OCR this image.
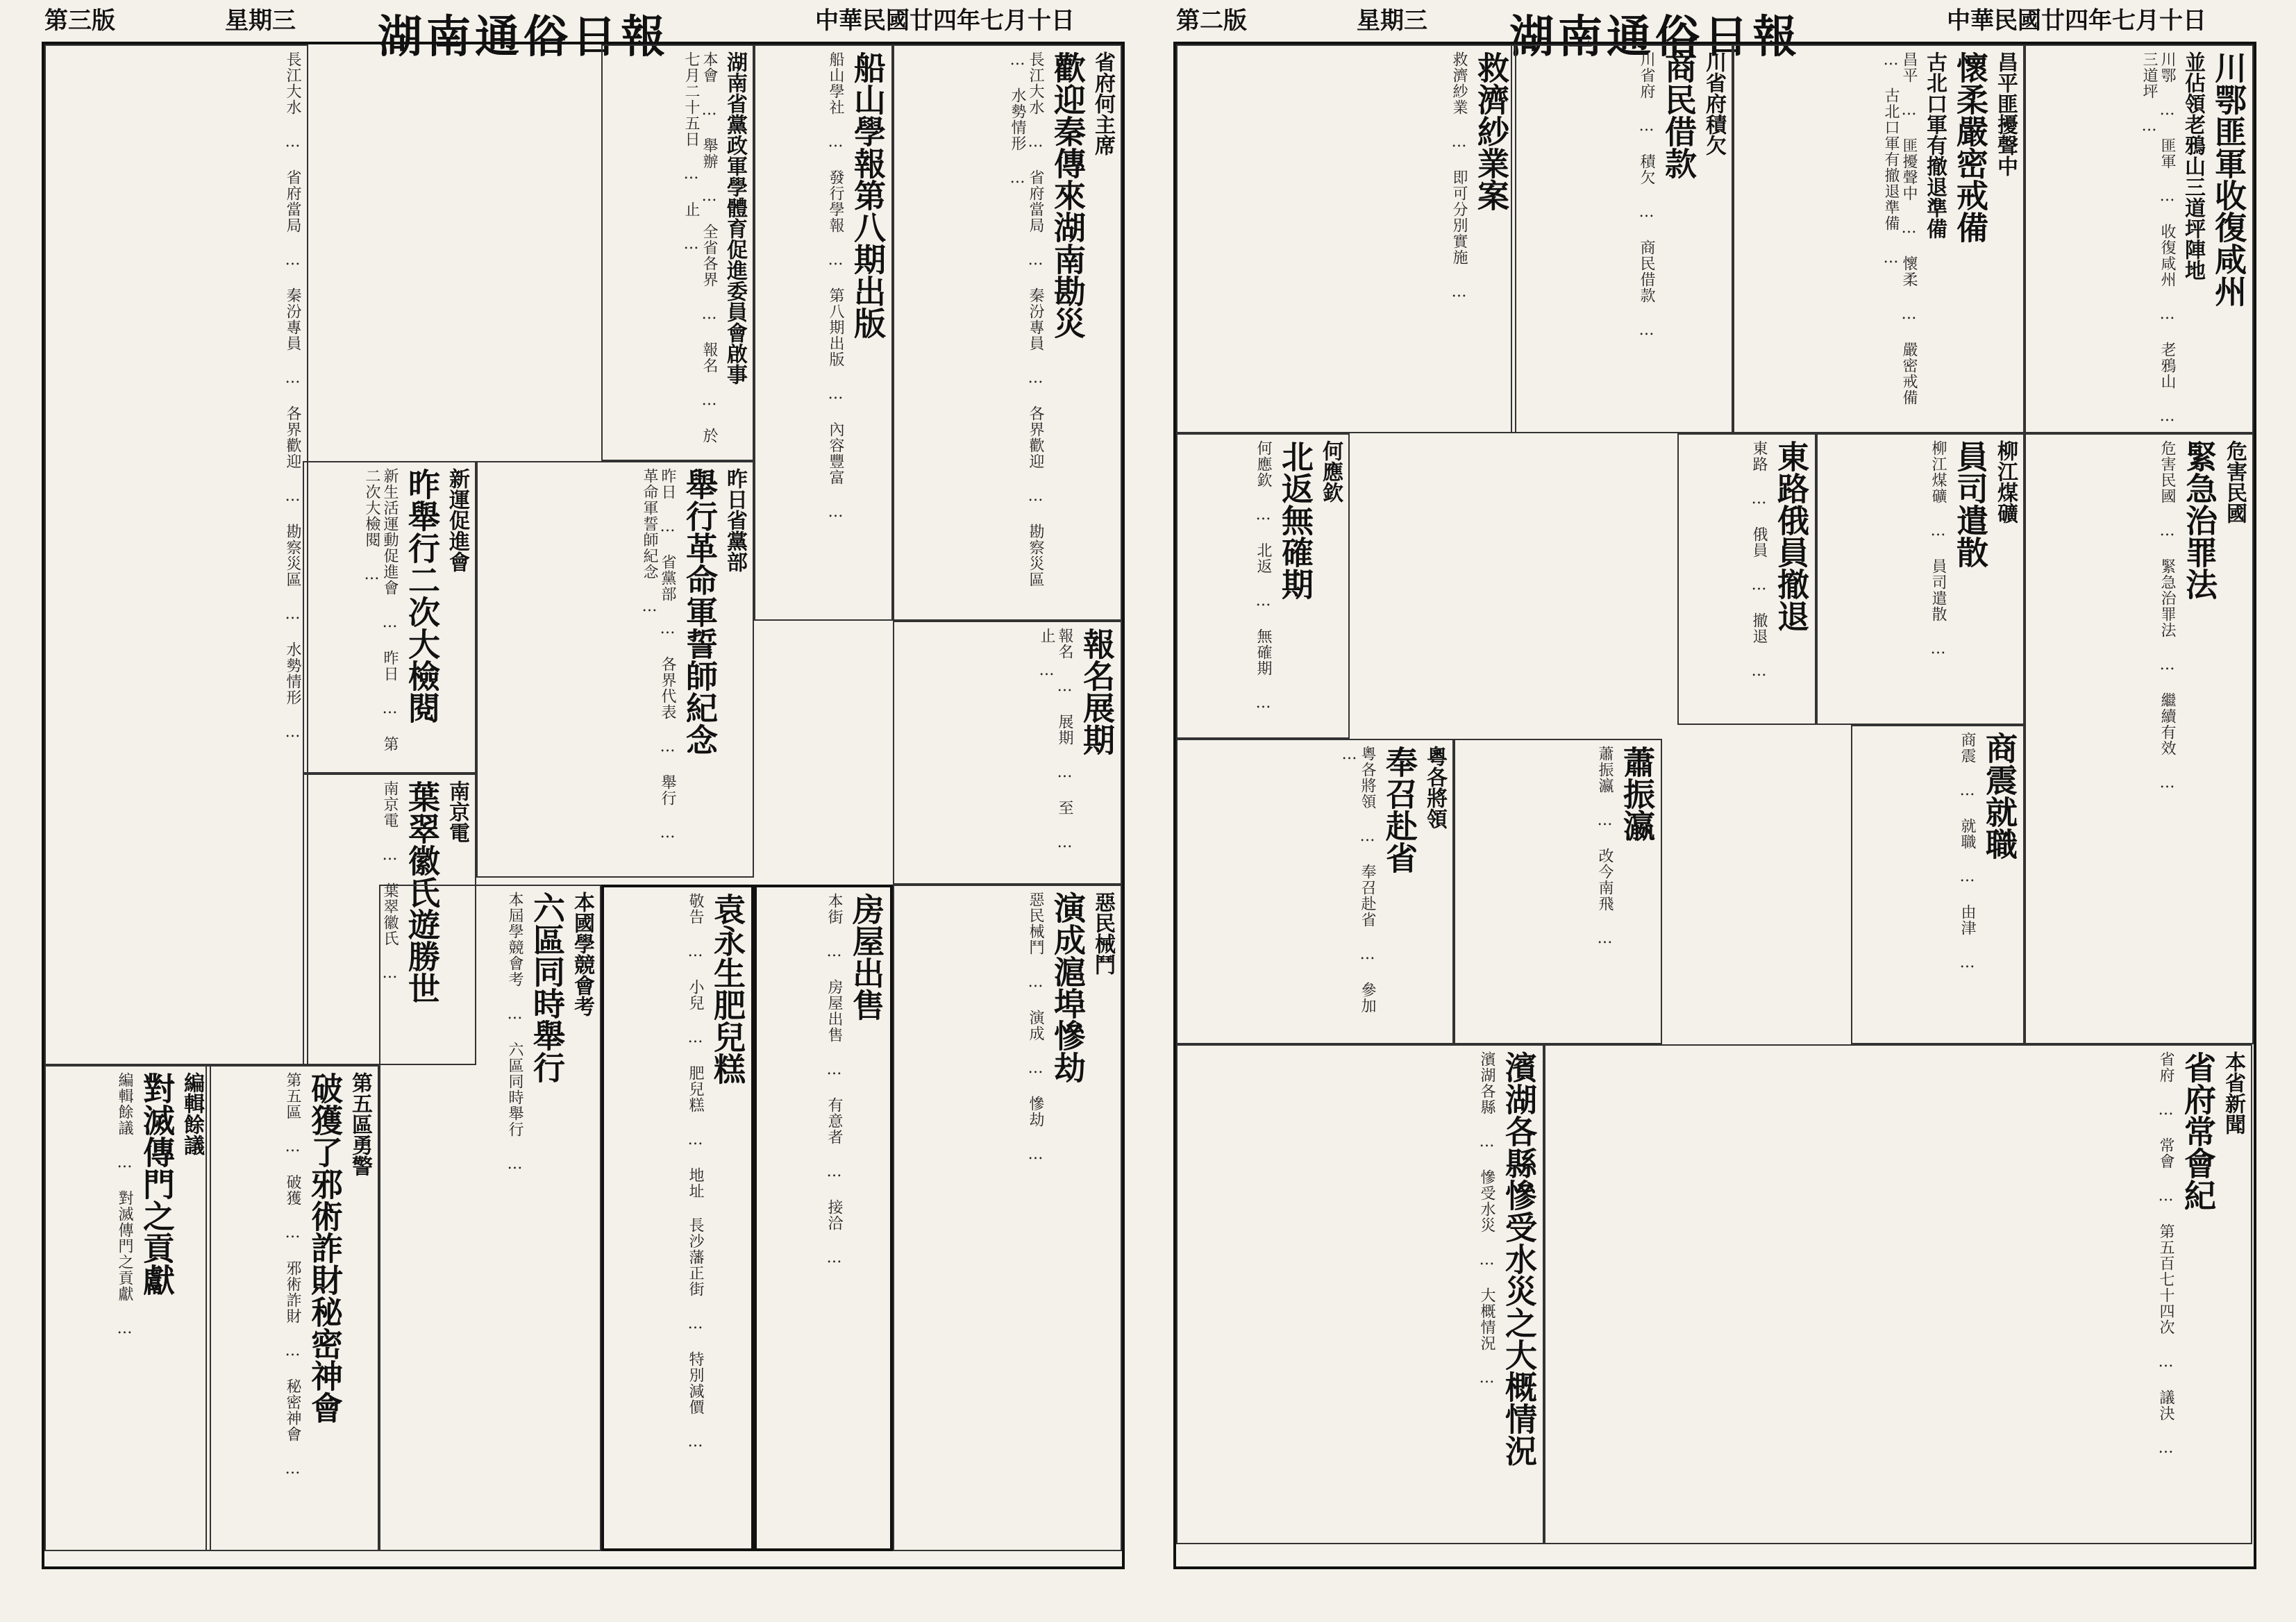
第三版	星期三 湖南通俗日報	中華民國廿四年七月十日
省府何主席
歡迎秦傳來湖南勘災
長江大水 … 省府當局 … 秦汾專員 … 各界歡迎 … 勘察災區 … 水勢情形 …
船山學報第八期出版
船山學社 … 發行學報 … 第八期出版 … 內容豐富 …
湖南省黨政軍學體育促進委員會啟事
本會 … 舉辦 … 全省各界 … 報名 … 於七月二十五日 … 止 …
昨日省黨部
舉行革命軍誓師紀念
昨日 … 省黨部 … 各界代表 … 舉行 … 革命軍誓師紀念 …
新運促進會
昨舉行二次大檢閱
新生活運動促進會 … 昨日 … 第二次大檢閱 …
南京電
葉翠徽氏遊勝世
南京電 … 葉翠徽氏 …
長江大水 … 省府當局 … 秦汾專員 … 各界歡迎 … 勘察災區 … 水勢情形 …
袁永生肥兒糕
敬告 … 小兒 … 肥兒糕 … 地址 長沙藩正街 … 特別減價 …	房屋出售
本街 … 房屋出售 … 有意者 … 接洽 …
本國學競會考
六區同時舉行
本屆學競會考 … 六區同時舉行 …
報名展期
報名 … 展期 … 至 … 止 …
第五區勇警
破獲了邪術詐財秘密神會
第五區 … 破獲 … 邪術詐財 … 秘密神會 …
惡民械鬥
演成滬埠慘劫
惡民械鬥 … 演成 … 慘劫 …
編輯餘議
對滅傳門之貢獻
編輯餘議 … 對滅傳門之貢獻 …
第二版	星期三 湖南通俗日報	中華民國廿四年七月十日
川鄂匪軍收復咸州
並佔領老鴉山三道坪陣地
川鄂 … 匪軍 … 收復咸州 … 老鴉山 … 三道坪 …
昌平匪擾聲中
懷柔嚴密戒備
古北口軍有撤退準備
昌平 … 匪擾聲中 … 懷柔 … 嚴密戒備 … 古北口軍有撤退準備 …
川省府積欠
商民借款
川省府 … 積欠 … 商民借款 …
救濟紗業案
救濟紗業 … 即可分別實施 …
何應欽
北返無確期
何應欽 … 北返 … 無確期 …	柳江煤礦
員司遣散
柳江煤礦 … 員司遣散 …
東路俄員撤退
東路 … 俄員 … 撤退 …
粵各將領
奉召赴省
粵各將領 … 奉召赴省 … 參加 …	蕭振瀛
蕭振瀛 … 改今南飛 …	商震就職
商震 … 就職 … 由津 …
危害民國
緊急治罪法
危害民國 … 緊急治罪法 … 繼續有效 …
濱湖各縣慘受水災之大概情況
濱湖各縣 … 慘受水災 … 大概情況 …	本省新聞
省府常會紀
省府 … 常會 … 第五百七十四次 … 議決 …
